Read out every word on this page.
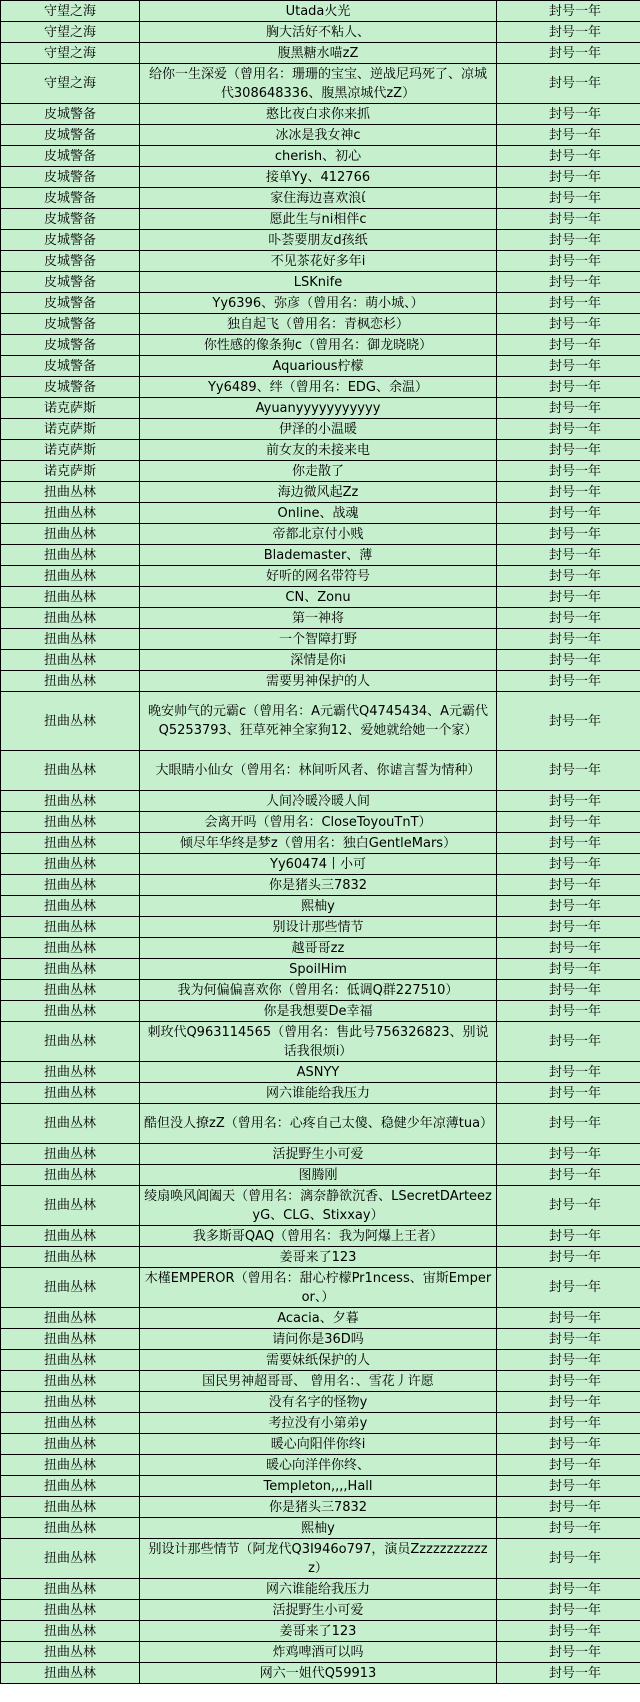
守望之海	Utada火光	封号一年
守望之海	胸大活好不粘人、	封号一年
守望之海	腹黑糖水喵zZ	封号一年
守望之海	给你一生深爱（曾用名：珊珊的宝宝、逆战尼玛死了、凉城代308648336、腹黑凉城代zZ）	封号一年
皮城警备	憨比夜白求你来抓	封号一年
皮城警备	冰冰是我女神c	封号一年
皮城警备	cherish、初心	封号一年
皮城警备	接单Yy、412766	封号一年
皮城警备	家住海边喜欢浪ί	封号一年
皮城警备	愿此生与ni相伴c	封号一年
皮城警备	卟荟要朋友d孩纸	封号一年
皮城警备	不见茶花好多年i	封号一年
皮城警备	LSKnife	封号一年
皮城警备	Yy6396、弥彦（曾用名：萌小城、）	封号一年
皮城警备	独自起飞（曾用名：青枫恋杉）	封号一年
皮城警备	你性感的像条狗c（曾用名：御龙晓晓）	封号一年
皮城警备	Aquarious柠檬	封号一年
皮城警备	Yy6489、绊（曾用名：EDG、余温）	封号一年
诺克萨斯	Ayuanyyyyyyyyyyy	封号一年
诺克萨斯	伊泽的小温暖	封号一年
诺克萨斯	前女友的未接来电	封号一年
诺克萨斯	你走散了	封号一年
扭曲丛林	海边微风起Zz	封号一年
扭曲丛林	Online、战魂	封号一年
扭曲丛林	帝都北京付小贱	封号一年
扭曲丛林	Blademaster、薄	封号一年
扭曲丛林	好听的网名带符号	封号一年
扭曲丛林	CN、Zonu	封号一年
扭曲丛林	第一神将	封号一年
扭曲丛林	一个智障打野	封号一年
扭曲丛林	深情是你i	封号一年
扭曲丛林	需要男神保护的人	封号一年
扭曲丛林	晚安帅气的元霸c（曾用名：A元霸代Q4745434、A元霸代Q5253793、狂草死神全家狗12、爱她就给她一个家）	封号一年
扭曲丛林	大眼睛小仙女（曾用名：林间听风者、你谑言誓为情种）	封号一年
扭曲丛林	人间冷暖冷暖人间	封号一年
扭曲丛林	会离开吗（曾用名：CloseToyouTnT）	封号一年
扭曲丛林	倾尽年华终是梦z（曾用名：独白GentleMars）	封号一年
扭曲丛林	Yy60474丨小可	封号一年
扭曲丛林	你是猪头三7832	封号一年
扭曲丛林	熙柚y	封号一年
扭曲丛林	别设计那些情节	封号一年
扭曲丛林	越哥哥zz	封号一年
扭曲丛林	SpoilHim	封号一年
扭曲丛林	我为何偏偏喜欢你（曾用名：低调Q群227510）	封号一年
扭曲丛林	你是我想要De幸福	封号一年
扭曲丛林	刺玫代Q963114565（曾用名：售此号756326823、别说话我很烦i）	封号一年
扭曲丛林	ASNYY	封号一年
扭曲丛林	网六谁能给我压力	封号一年
扭曲丛林	酷但没人撩zZ（曾用名：心疼自己太傻、稳健少年凉薄tua）	封号一年
扭曲丛林	活捉野生小可爱	封号一年
扭曲丛林	图腾刚	封号一年
扭曲丛林	绫扇唤风阊阖天（曾用名：漓奈静欲沉香、LSecretDArteezyG、CLG、Stixxay）	封号一年
扭曲丛林	我多斯哥QAQ（曾用名：我为阿爆上王者）	封号一年
扭曲丛林	姜哥来了123	封号一年
扭曲丛林	木槿EMPEROR（曾用名：甜心柠檬Pr1ncess、宙斯Emperor、）	封号一年
扭曲丛林	Acacia、夕暮	封号一年
扭曲丛林	请问你是36D吗	封号一年
扭曲丛林	需要妹纸保护的人	封号一年
扭曲丛林	国民男神超哥哥、 曾用名：、雪花丿许愿	封号一年
扭曲丛林	没有名字的怪物y	封号一年
扭曲丛林	考拉没有小第弟y	封号一年
扭曲丛林	暖心向阳伴你终i	封号一年
扭曲丛林	暖心向洋伴你终、	封号一年
扭曲丛林	Templeton,,,,Hall	封号一年
扭曲丛林	你是猪头三7832	封号一年
扭曲丛林	熙柚y	封号一年
扭曲丛林	别设计那些情节（阿龙代Q3I946o797，演员Zzzzzzzzzzzz）	封号一年
扭曲丛林	网六谁能给我压力	封号一年
扭曲丛林	活捉野生小可爱	封号一年
扭曲丛林	姜哥来了123	封号一年
扭曲丛林	炸鸡啤酒可以吗	封号一年
扭曲丛林	网六一姐代Q59913	封号一年
